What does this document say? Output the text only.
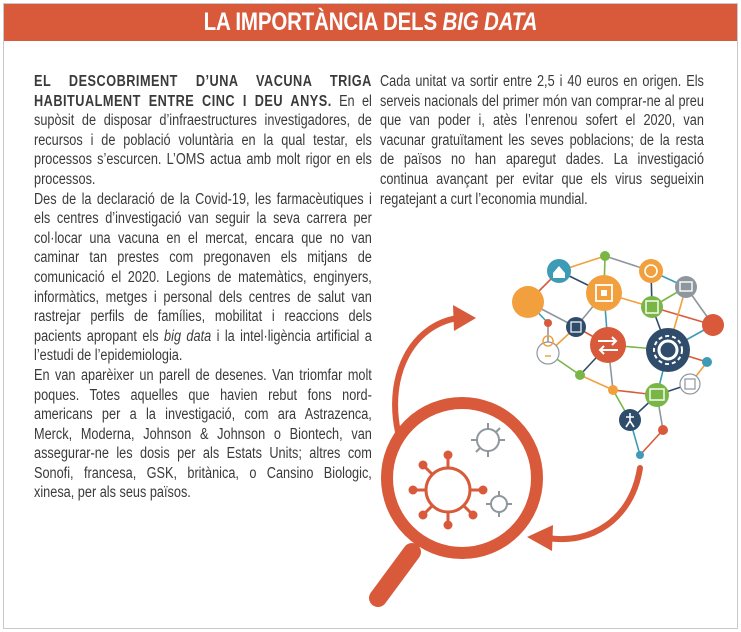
LA IMPORTÀNCIA DELS BIG DATA

EL DESCOBRIMENT D’UNA VACUNA TRIGA HABITUALMENT ENTRE CINC I DEU ANYS. En el supòsit de disposar d’infraestructures investigadores, de recursos i de població voluntària en la qual testar, els processos s’escurcen. L’OMS actua amb molt rigor en els processos.

Des de la declaració de la Covid-19, les farmacèutiques i els centres d’investigació van seguir la seva carrera per col·locar una vacuna en el mercat, encara que no van caminar tan prestes com pregonaven els mitjans de comunicació el 2020. Legions de matemàtics, enginyers, informàtics, metges i personal dels centres de salut van rastrejar perfils de famílies, mobilitat i reaccions dels pacients apropant els big data i la intel·ligència artificial a l’estudi de l’epidemiologia.

En van aparèixer un parell de desenes. Van triomfar molt poques. Totes aquelles que havien rebut fons nord-americans per a la investigació, com ara Astrazenca, Merck, Moderna, Johnson & Johnson o Biontech, van assegurar-ne les dosis per als Estats Units; altres com Sonofi, francesa, GSK, britànica, o Cansino Biologic, xinesa, per als seus països.

Cada unitat va sortir entre 2,5 i 40 euros en origen. Els serveis nacionals del primer món van comprar-ne al preu que van poder i, atès l’enrenou sofert el 2020, van vacunar gratuïtament les seves poblacions; de la resta de països no han aparegut dades. La investigació continua avançant per evitar que els virus segueixin regatejant a curt l’economia mundial.
